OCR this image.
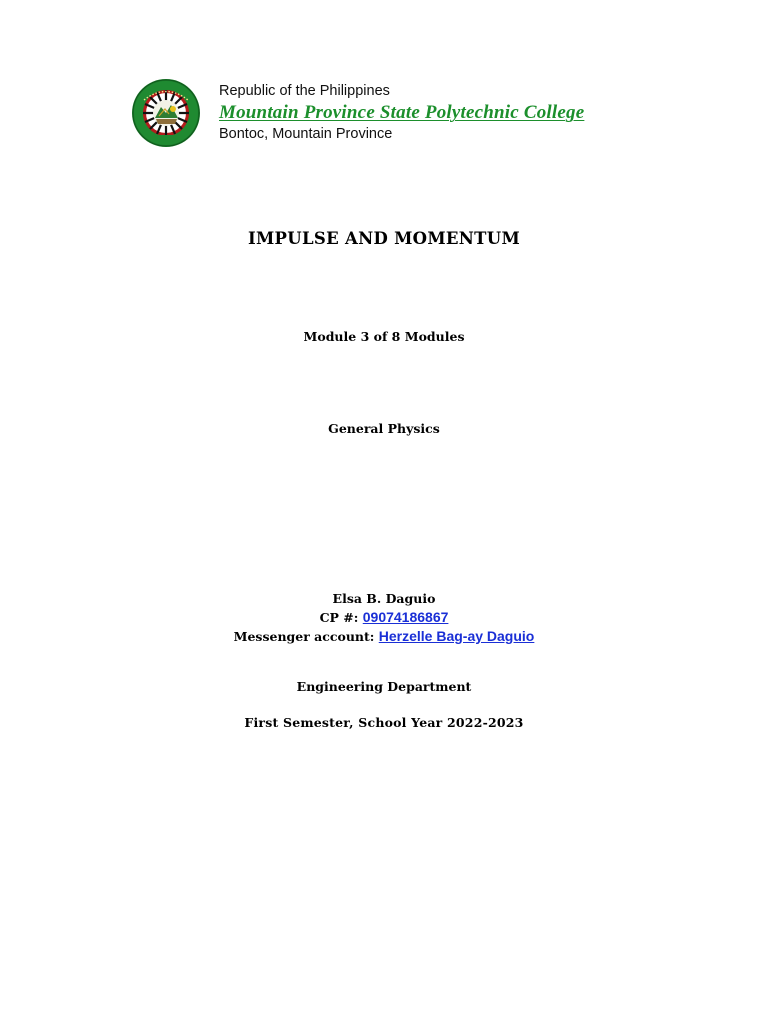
Republic of the Philippines
Mountain Province State Polytechnic College
Bontoc, Mountain Province
IMPULSE AND MOMENTUM
Module 3 of 8 Modules
General Physics
Elsa B. Daguio
CP #: 09074186867
Messenger account: Herzelle Bag-ay Daguio
Engineering Department
First Semester, School Year 2022-2023
